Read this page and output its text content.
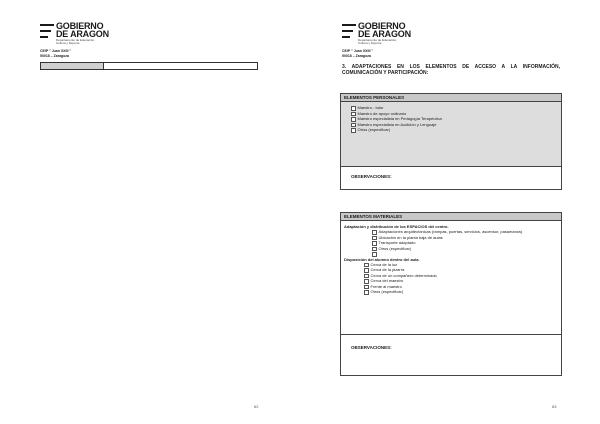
GOBIERNO
DE ARAGON
Departamento de Educación, Cultura y Deporte
CEIP " Juan XXIII "
50018 – Zaragoza
62
GOBIERNO
DE ARAGON
Departamento de Educación, Cultura y Deporte
CEIP " Juan XXIII "
50018 – Zaragoza
63
3. ADAPTACIONES EN LOS ELEMENTOS DE ACCESO A LA INFORMACIÓN, COMUNICACIÓN Y PARTICIPACIÓN:
ELEMENTOS PERSONALES
Maestro - tutor
Maestro de apoyo ordinario
Maestro especialista en Pedagogía Terapéutica
Maestro especialista en Audición y Lenguaje
Otros (especificar)
OBSERVACIONES:
ELEMENTOS MATERIALES
Adaptación y distribución de los ESPACIOS del centro.
Adaptaciones arquitectónicas (rampas, puertas, servicios, ascensor, pasamanos)
Ubicación en la planta baja de aulas
Transporte adaptado
Otros (especificar)
Disposición del alumno dentro del aula.
Cerca de la luz
Cerca de la pizarra
Cerca de un compañero determinado
Cerca del maestro
Frente al maestro
Otros (especificar)
OBSERVACIONES:
